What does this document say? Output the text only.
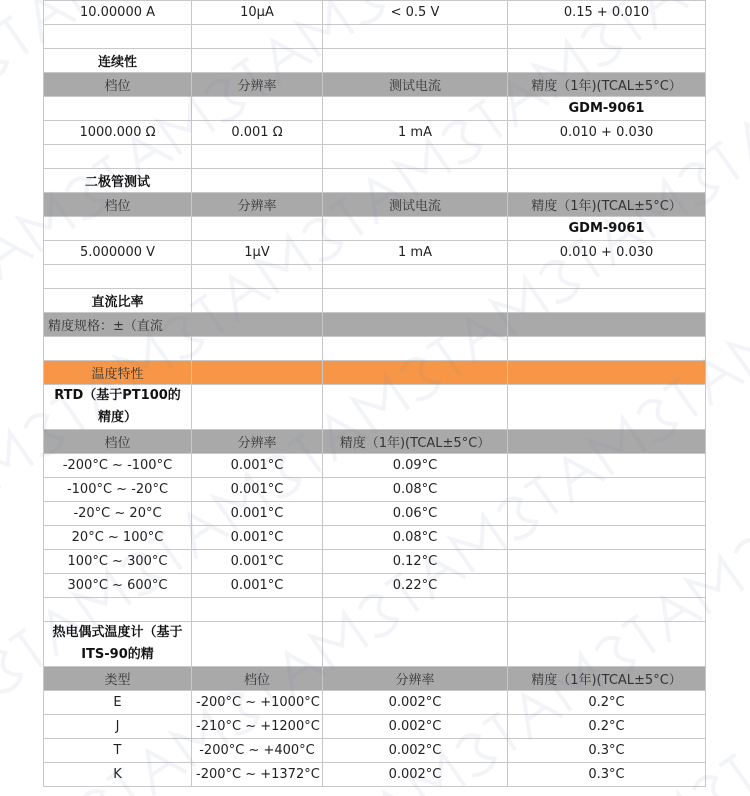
10.00000 A	10µA	< 0.5 V	0.15 + 0.010

连续性			
档位	分辨率	测试电流	精度（1年)(TCAL±5°C）
			GDM-9061
1000.000 Ω	0.001 Ω	1 mA	0.010 + 0.030

二极管测试			
档位	分辨率	测试电流	精度（1年)(TCAL±5°C）
			GDM-9061
5.000000 V	1µV	1 mA	0.010 + 0.030

直流比率			
精度规格：±（直流			

温度特性			
RTD（基于PT100的精度）			
档位	分辨率	精度（1年)(TCAL±5°C）	
-200°C ~ -100°C	0.001°C	0.09°C	
-100°C ~ -20°C	0.001°C	0.08°C	
-20°C ~ 20°C	0.001°C	0.06°C	
20°C ~ 100°C	0.001°C	0.08°C	
100°C ~ 300°C	0.001°C	0.12°C	
300°C ~ 600°C	0.001°C	0.22°C	

热电偶式温度计（基于ITS-90的精			
类型	档位	分辨率	精度（1年)(TCAL±5°C）
E	-200°C ~ +1000°C	0.002°C	0.2°C
J	-210°C ~ +1200°C	0.002°C	0.2°C
T	-200°C ~ +400°C	0.002°C	0.3°C
K	-200°C ~ +1372°C	0.002°C	0.3°C
